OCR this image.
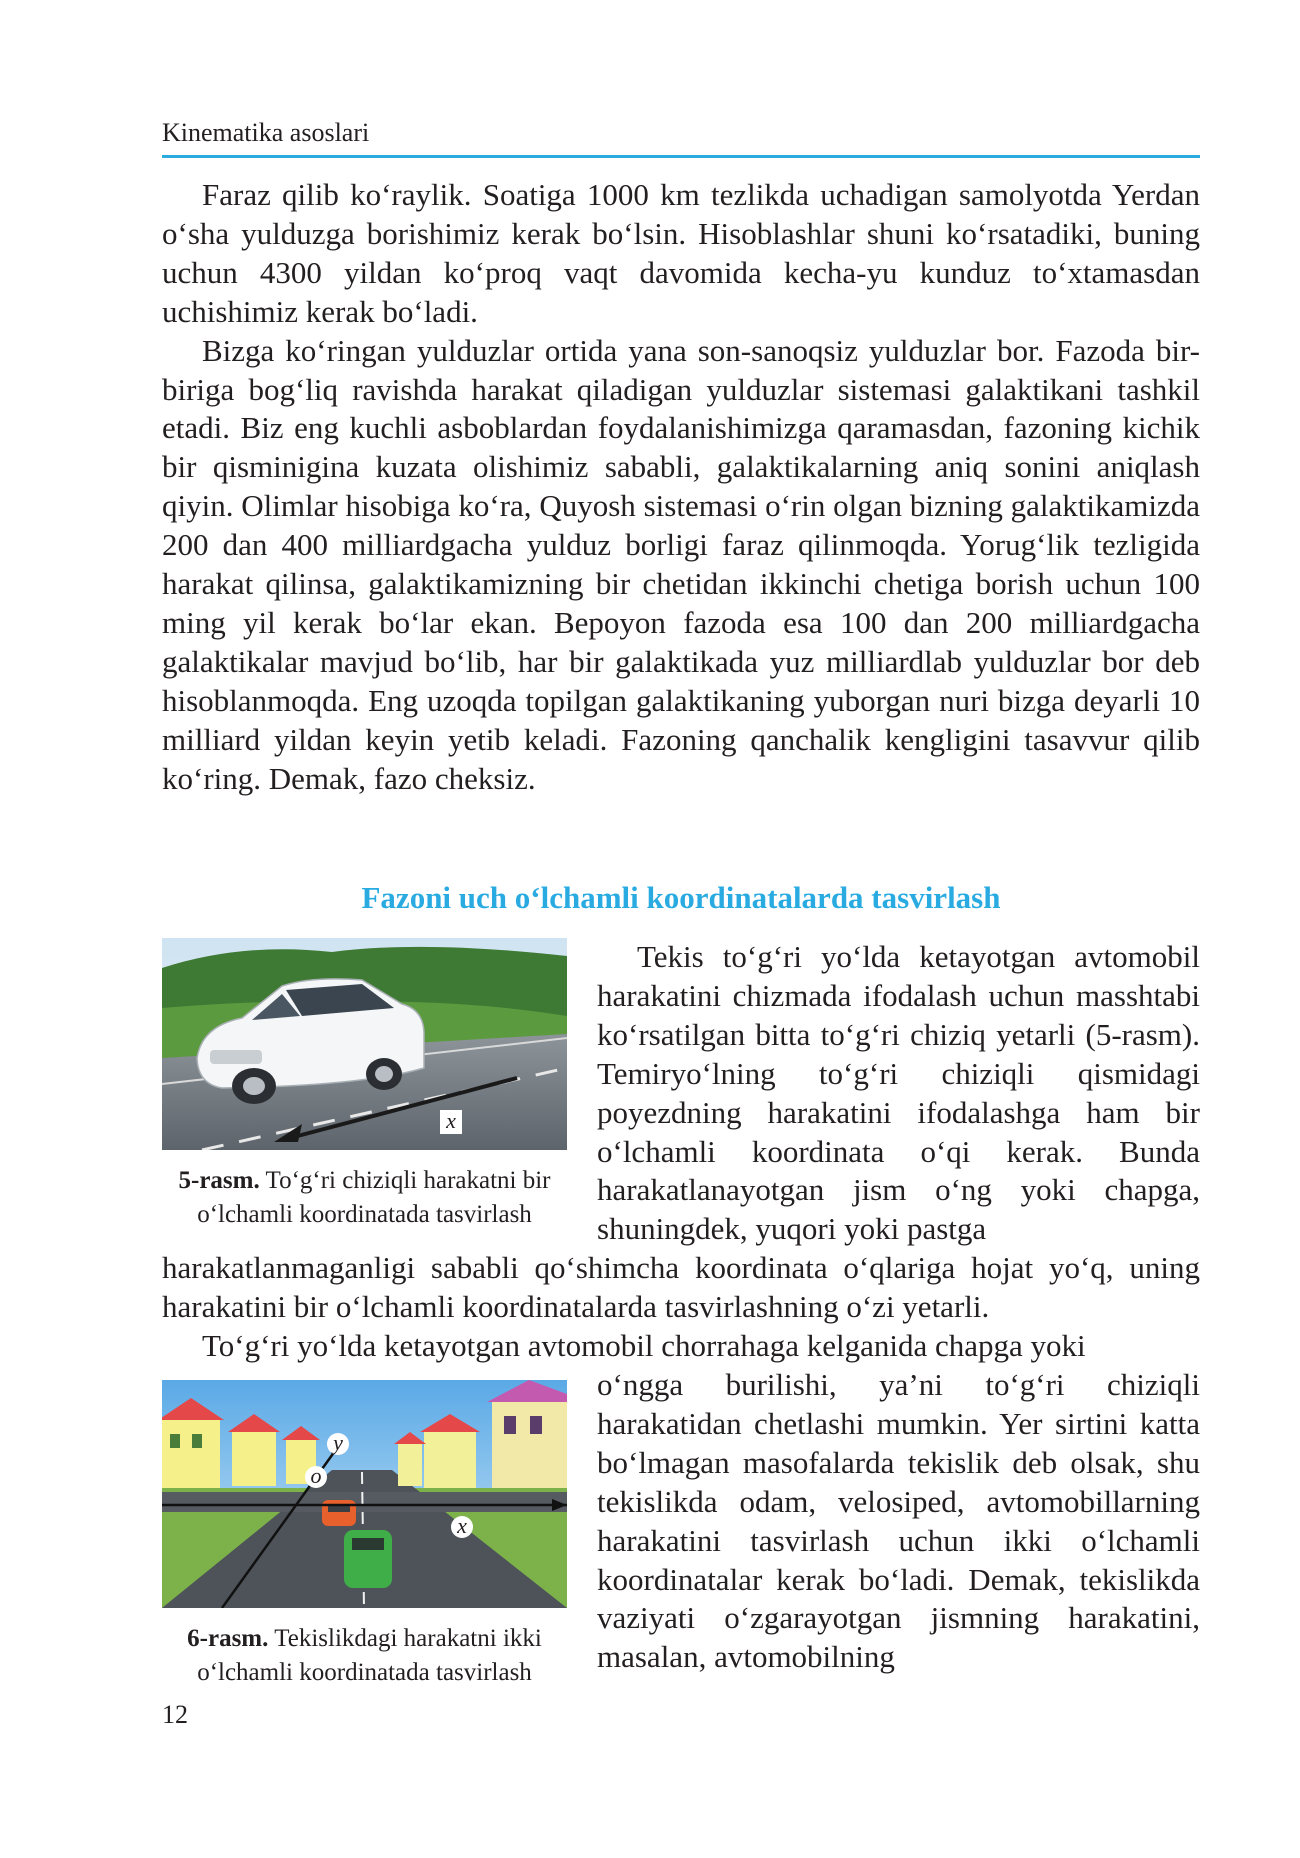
Kinematika asoslari

Faraz qilib ko‘raylik. Soatiga 1000 km tezlikda uchadigan samolyotda Yerdan o‘sha yulduzga borishimiz kerak bo‘lsin. Hisoblashlar shuni ko‘rsatadiki, buning uchun 4300 yildan ko‘proq vaqt davomida kecha-yu kunduz to‘xtamasdan uchishimiz kerak bo‘ladi.

Bizga ko‘ringan yulduzlar ortida yana son-sanoqsiz yulduzlar bor. Fazoda bir-biriga bog‘liq ravishda harakat qiladigan yulduzlar sistemasi galaktikani tashkil etadi. Biz eng kuchli asboblardan foydalanishimizga qaramasdan, fazoning kichik bir qisminigina kuzata olishimiz sababli, galaktikalarning aniq sonini aniqlash qiyin. Olimlar hisobiga ko‘ra, Quyosh sistemasi o‘rin olgan bizning galaktikamizda 200 dan 400 milliardgacha yulduz borligi faraz qilinmoqda. Yorug‘lik tezligida harakat qilinsa, galaktikamizning bir chetidan ikkinchi chetiga borish uchun 100 ming yil kerak bo‘lar ekan. Bepoyon fazoda esa 100 dan 200 milliardgacha galaktikalar mavjud bo‘lib, har bir galaktikada yuz milliardlab yulduzlar bor deb hisoblanmoqda. Eng uzoqda topilgan galaktikaning yuborgan nuri bizga deyarli 10 milliard yildan keyin yetib keladi. Fazoning qanchalik kengligini tasavvur qilib ko‘ring. Demak, fazo cheksiz.

Fazoni uch o‘lchamli koordinatalarda tasvirlash
x
5-rasm. To‘g‘ri chiziqli harakatni bir o‘lchamli koordinatada tasvirlash

Tekis to‘g‘ri yo‘lda ketayotgan avtomobil harakatini chizmada ifodalash uchun masshtabi ko‘rsatilgan bitta to‘g‘ri chiziq yetarli (5-rasm). Temiryo‘lning to‘g‘ri chiziqli qismidagi poyezdning harakatini ifodalashga ham bir o‘lchamli koordinata o‘qi kerak. Bunda harakatlanayotgan jism o‘ng yoki chapga, shuningdek, yuqori yoki pastga

harakatlanmaganligi sababli qo‘shimcha koordinata o‘qlariga hojat yo‘q, uning harakatini bir o‘lchamli koordinatalarda tasvirlashning o‘zi yetarli.

To‘g‘ri yo‘lda ketayotgan avtomobil chorrahaga kelganida chapga yoki

y
o
x
6-rasm. Tekislikdagi harakatni ikki o‘lchamli koordinatada tasvirlash

o‘ngga burilishi, ya’ni to‘g‘ri chiziqli harakatidan chetlashi mumkin. Yer sirtini katta bo‘lmagan masofalarda tekislik deb olsak, shu tekislikda odam, velosiped, avtomobillarning harakatini tasvirlash uchun ikki o‘lchamli koordinatalar kerak bo‘ladi. Demak, tekislikda vaziyati o‘zgarayotgan jismning harakatini, masalan, avtomobilning

12
